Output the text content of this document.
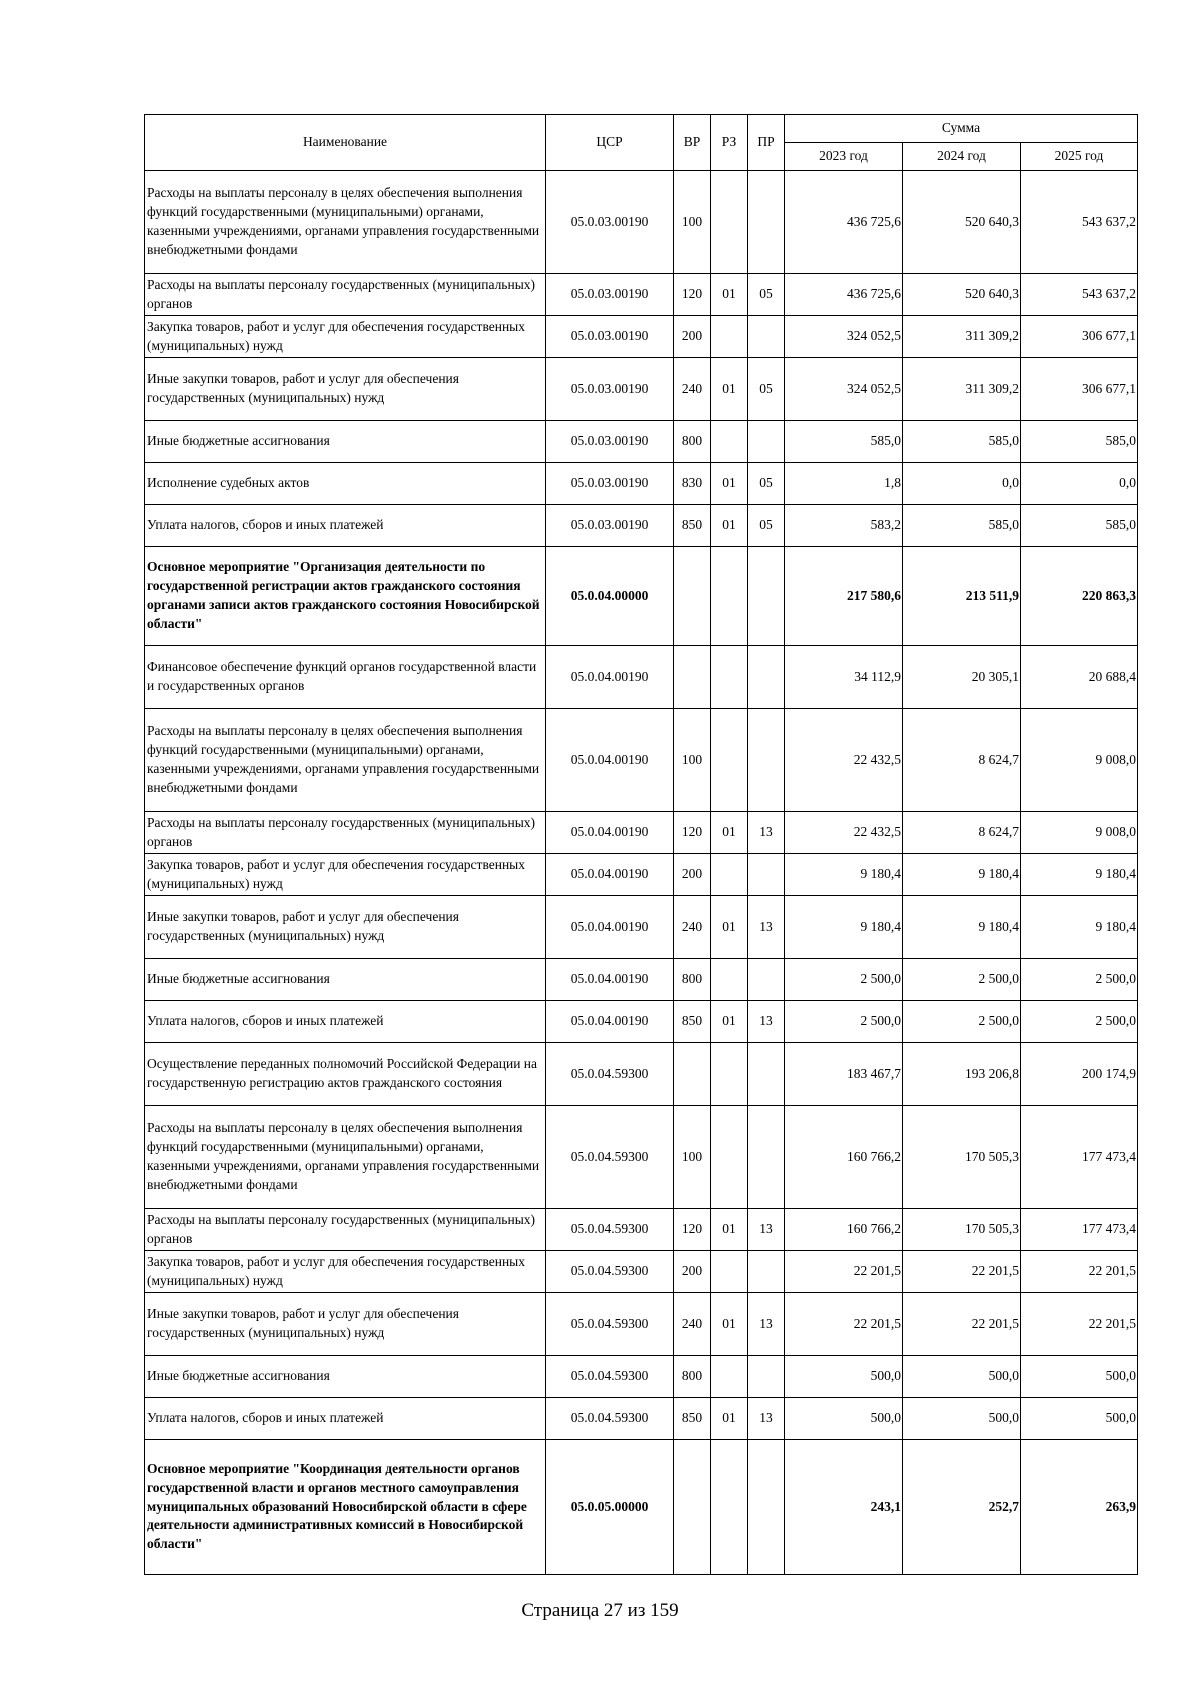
Наименование	ЦСР	ВР	РЗ	ПР	Сумма		
					2023 год	2024 год	2025 год
Расходы на выплаты персоналу в целях обеспечения выполнения функций государственными (муниципальными) органами, казенными учреждениями, органами управления государственными внебюджетными фондами	05.0.03.00190	100			436 725,6	520 640,3	543 637,2
Расходы на выплаты персоналу государственных (муниципальных) органов	05.0.03.00190	120	01	05	436 725,6	520 640,3	543 637,2
Закупка товаров, работ и услуг для обеспечения государственных (муниципальных) нужд	05.0.03.00190	200			324 052,5	311 309,2	306 677,1
Иные закупки товаров, работ и услуг для обеспечения государственных (муниципальных) нужд	05.0.03.00190	240	01	05	324 052,5	311 309,2	306 677,1
Иные бюджетные ассигнования	05.0.03.00190	800			585,0	585,0	585,0
Исполнение судебных актов	05.0.03.00190	830	01	05	1,8	0,0	0,0
Уплата налогов, сборов и иных платежей	05.0.03.00190	850	01	05	583,2	585,0	585,0
Основное мероприятие "Организация деятельности по государственной регистрации актов гражданского состояния органами записи актов гражданского состояния Новосибирской области"	05.0.04.00000				217 580,6	213 511,9	220 863,3
Финансовое обеспечение функций органов государственной власти и государственных органов	05.0.04.00190				34 112,9	20 305,1	20 688,4
Расходы на выплаты персоналу в целях обеспечения выполнения функций государственными (муниципальными) органами, казенными учреждениями, органами управления государственными внебюджетными фондами	05.0.04.00190	100			22 432,5	8 624,7	9 008,0
Расходы на выплаты персоналу государственных (муниципальных) органов	05.0.04.00190	120	01	13	22 432,5	8 624,7	9 008,0
Закупка товаров, работ и услуг для обеспечения государственных (муниципальных) нужд	05.0.04.00190	200			9 180,4	9 180,4	9 180,4
Иные закупки товаров, работ и услуг для обеспечения государственных (муниципальных) нужд	05.0.04.00190	240	01	13	9 180,4	9 180,4	9 180,4
Иные бюджетные ассигнования	05.0.04.00190	800			2 500,0	2 500,0	2 500,0
Уплата налогов, сборов и иных платежей	05.0.04.00190	850	01	13	2 500,0	2 500,0	2 500,0
Осуществление переданных полномочий Российской Федерации на государственную регистрацию актов гражданского состояния	05.0.04.59300				183 467,7	193 206,8	200 174,9
Расходы на выплаты персоналу в целях обеспечения выполнения функций государственными (муниципальными) органами, казенными учреждениями, органами управления государственными внебюджетными фондами	05.0.04.59300	100			160 766,2	170 505,3	177 473,4
Расходы на выплаты персоналу государственных (муниципальных) органов	05.0.04.59300	120	01	13	160 766,2	170 505,3	177 473,4
Закупка товаров, работ и услуг для обеспечения государственных (муниципальных) нужд	05.0.04.59300	200			22 201,5	22 201,5	22 201,5
Иные закупки товаров, работ и услуг для обеспечения государственных (муниципальных) нужд	05.0.04.59300	240	01	13	22 201,5	22 201,5	22 201,5
Иные бюджетные ассигнования	05.0.04.59300	800			500,0	500,0	500,0
Уплата налогов, сборов и иных платежей	05.0.04.59300	850	01	13	500,0	500,0	500,0
Основное мероприятие "Координация деятельности органов государственной власти и органов местного самоуправления муниципальных образований Новосибирской области в сфере деятельности административных комиссий в Новосибирской области"	05.0.05.00000				243,1	252,7	263,9
Страница 27 из 159
